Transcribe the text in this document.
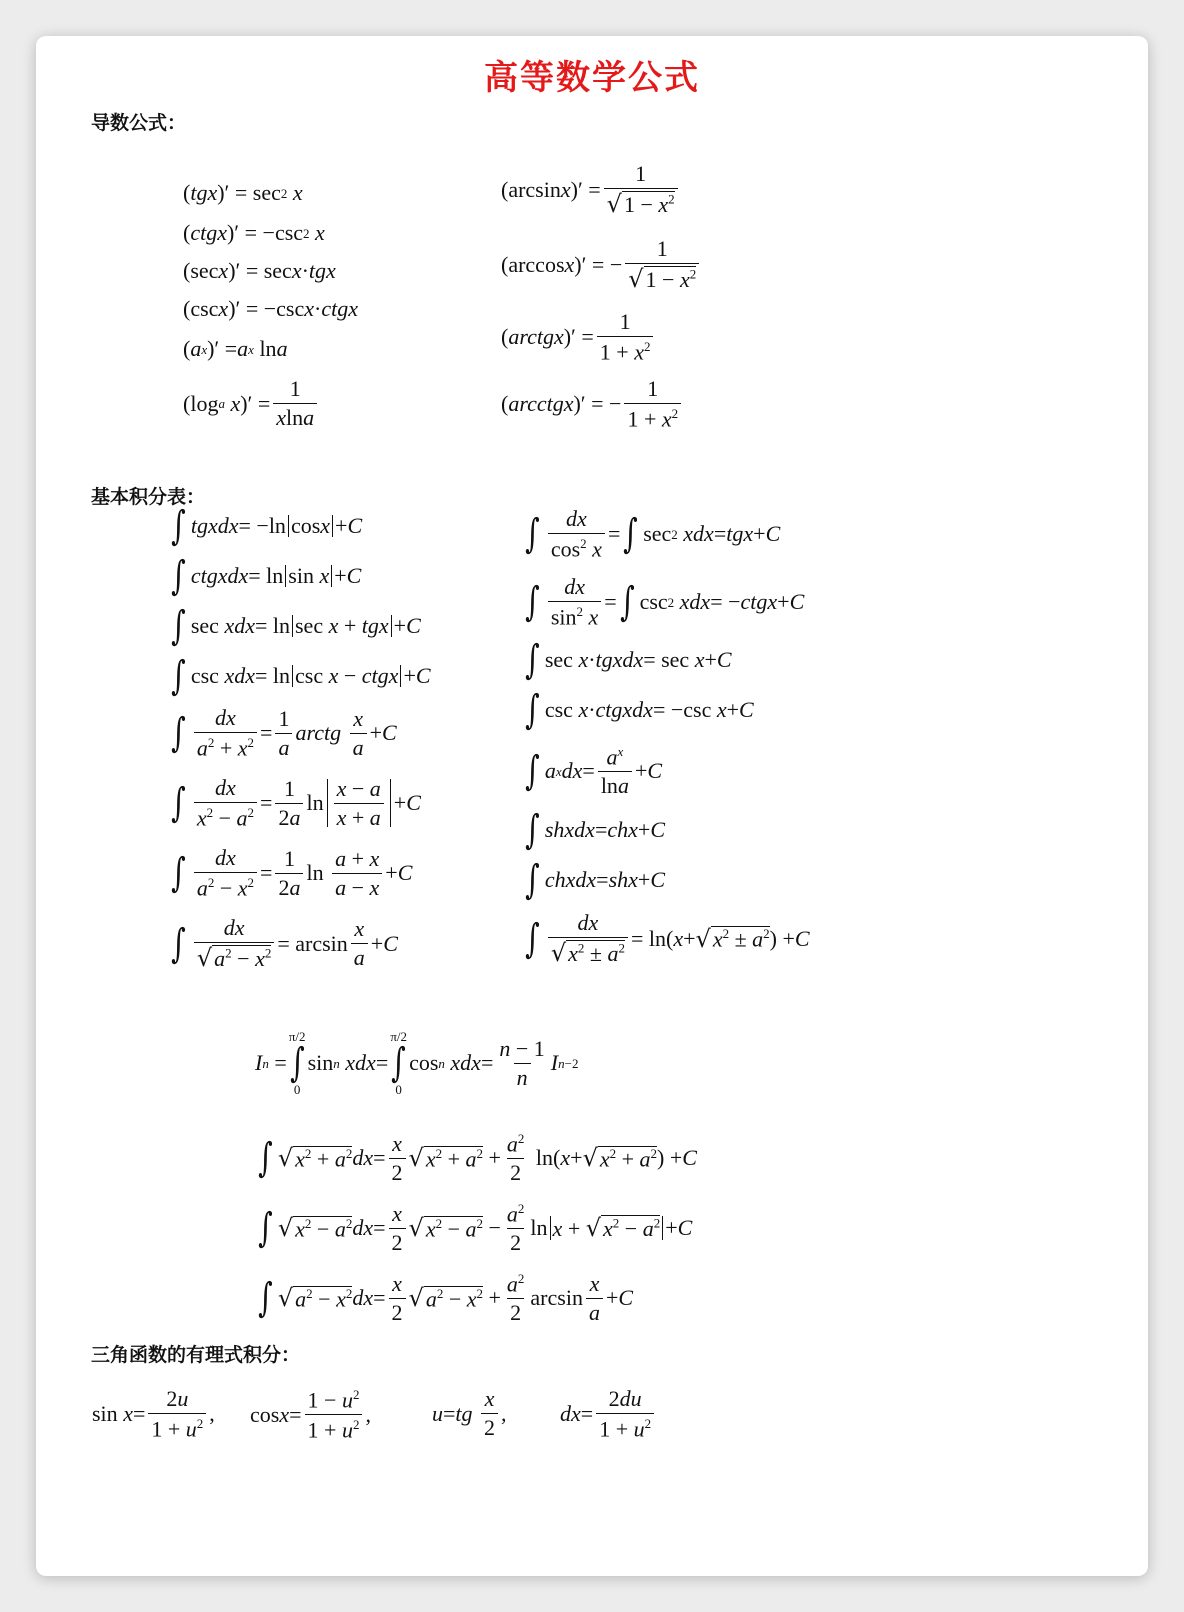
高等数学公式
导数公式：
基本积分表：
三角函数的有理式积分：
( tgx )′ = sec 2
x
( ctgx )′ = −csc 2
x
(sec x )′ = sec x · tgx
(csc x )′ = −csc x · ctgx
( a x )′ = a x ln a
(log a
x )′ = $\frac{1}{xlna}$
(arcsin x )′ = $\frac{1}{√1 - x^2}$
(arccos x )′ = − $\frac{1}{√1 - x^2}$
( arctgx )′ = $\frac{1}{1 + x^2}$
( arcctgx )′ = − $\frac{1}{1 + x^2}$
∫ tgxdx = −ln cosx + C
∫ ctgxdx = ln sin x + C
∫ sec xdx = ln sec x + tgx + C
∫ csc xdx = ln csc x − ctgx + C
∫ $\frac{dx}{a^2 + x^2} = \frac{1}{a}$ arctg
$\frac{x}{a} + C$
∫ $\frac{dx}{x^2 - a^2} = \frac{1}{2a}$ $\ln \frac{x - a}{x + a} + C$
∫ $\frac{dx}{a^2 - x^2} = \frac{1}{2a}$ $\ln \frac{a + x}{a - x} + C$
∫ $\frac{dx}{√a^2 - x^2} = \arcsin \frac{x}{a} + C$
∫ $\frac{dx}{\cos^2 x}$ = ∫ sec 2
xdx = tgx + C
∫ $\frac{dx}{\sin^2 x}$ = ∫ csc 2
xdx = − ctgx + C
∫ sec x · tgxdx = sec x + C
∫ csc x · ctgxdx = −csc x + C
∫ a x dx = $\frac{a^x}{\ln a} + C$
∫ shxdx = chx + C
∫ chxdx = shx + C
∫ $\frac{dx}{√x^2 \pm a^2} = \ln$( x + √ $x^2 \pm a^2$ ) + C
I n =
π/2
∫
0
sin n
xdx =
π/2
∫
0
cos n
xdx = $\frac{n - 1}{n}$ I n−2
∫ √ $x^2 + a^2$ dx = $\frac{x}{2}$ √ $x^2 + a^2 + \frac{a^2}{2} \ln$( x + √ $x^2 + a^2$ ) + C
∫ √ $x^2 - a^2$ dx = $\frac{x}{2}$ √ $x^2 - a^2 - \frac{a^2}{2}$ $\ln x + √x^2 - a^2 + C$
∫ √ $a^2 - x^2$ dx = $\frac{x}{2}$ √ $a^2 - x^2 + \frac{a^2}{2}$ $\arcsin \frac{x}{a} + C$
$\sin x = \frac{2u}{1 + u^2}$ , $\cos x = \frac{1 - u^2}{1 + u^2}$ ,	u = tg
$\frac{x}{2}$ , dx = $\frac{2du}{1 + u^2}$
